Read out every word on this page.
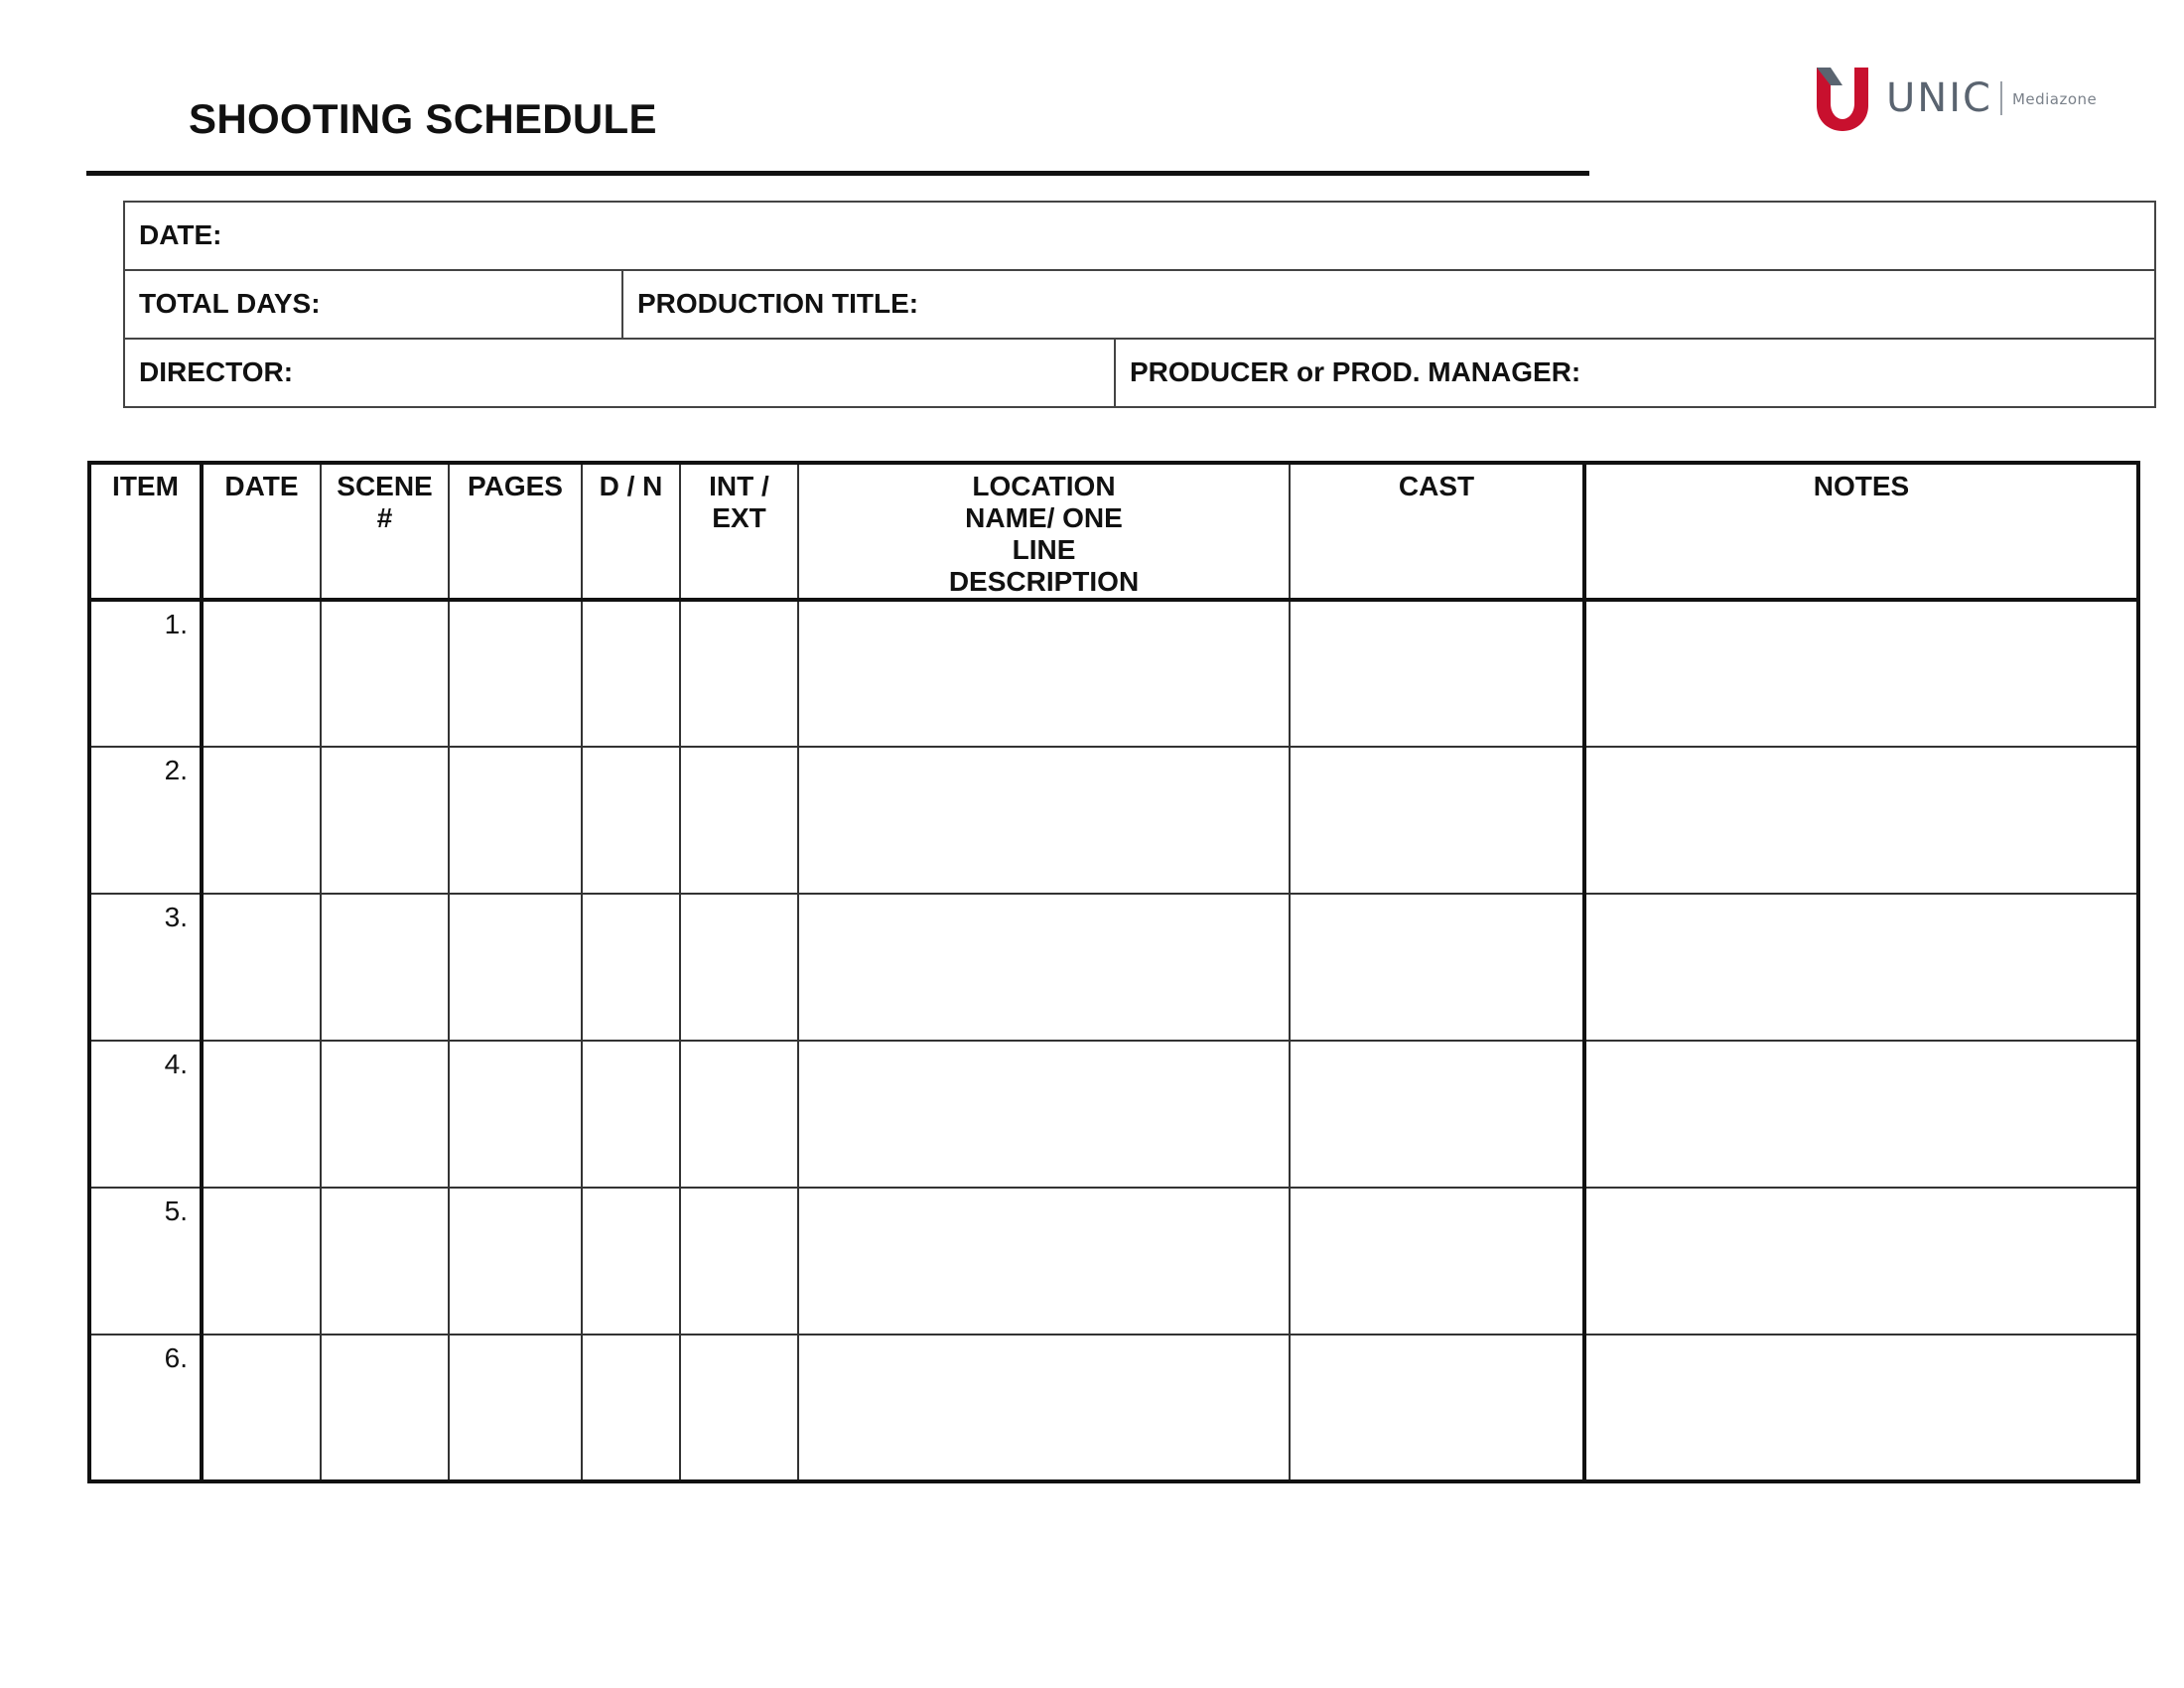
SHOOTING SCHEDULE	UNIC Mediazone
DATE:
TOTAL DAYS:	PRODUCTION TITLE:
DIRECTOR:	PRODUCER or PROD. MANAGER:
ITEM	DATE	SCENE #	PAGES	D / N	INT / EXT	LOCATION NAME/ ONE LINE DESCRIPTION	CAST	NOTES
1.								
2.								
3.								
4.								
5.								
6.								
